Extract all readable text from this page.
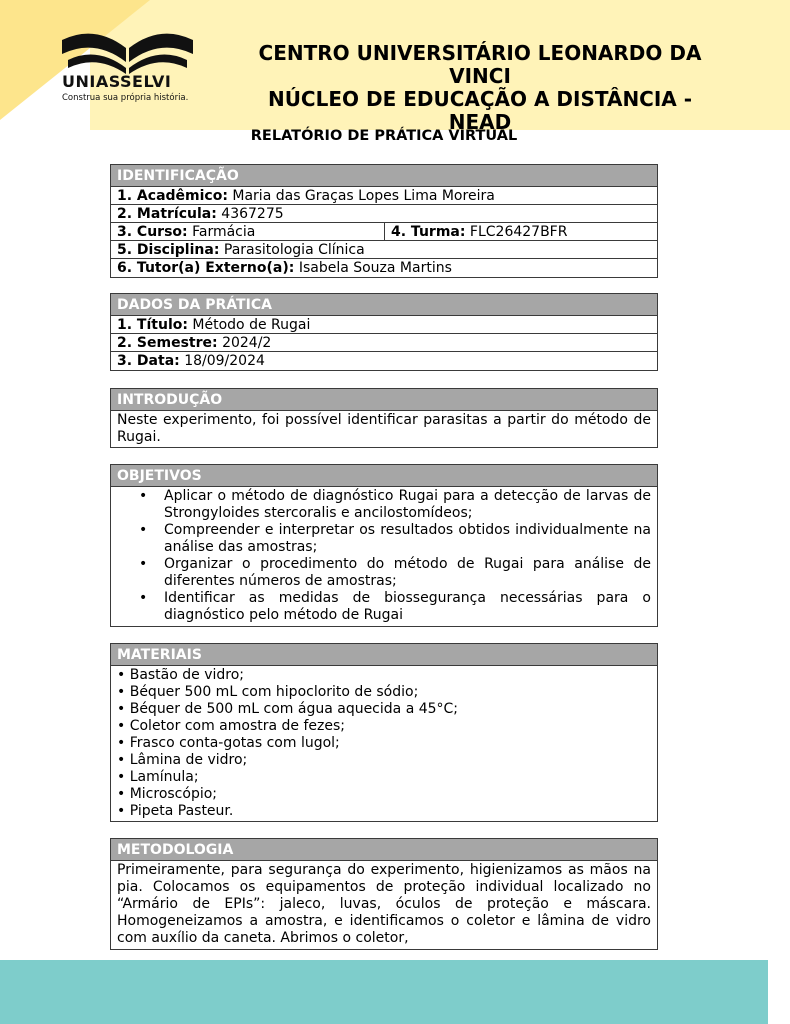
UNIASSELVI
Construa sua própria história.
CENTRO UNIVERSITÁRIO LEONARDO DA VINCI
NÚCLEO DE EDUCAÇÃO A DISTÂNCIA - NEAD
RELATÓRIO DE PRÁTICA VIRTUAL
IDENTIFICAÇÃO
1. Acadêmico: Maria das Graças Lopes Lima Moreira
2. Matrícula: 4367275
3. Curso: Farmácia	4. Turma: FLC26427BFR
5. Disciplina: Parasitologia Clínica
6. Tutor(a) Externo(a): Isabela Souza Martins
DADOS DA PRÁTICA
1. Título: Método de Rugai
2. Semestre: 2024/2
3. Data: 18/09/2024
INTRODUÇÃO
Neste experimento, foi possível identificar parasitas a partir do método de Rugai.
OBJETIVOS
• Aplicar o método de diagnóstico Rugai para a detecção de larvas de Strongyloides stercoralis e ancilostomídeos;
• Compreender e interpretar os resultados obtidos individualmente na análise das amostras;
• Organizar o procedimento do método de Rugai para análise de diferentes números de amostras;
• Identificar as medidas de biossegurança necessárias para o diagnóstico pelo método de Rugai
MATERIAIS
• Bastão de vidro;
• Béquer 500 mL com hipoclorito de sódio;
• Béquer de 500 mL com água aquecida a 45°C;
• Coletor com amostra de fezes;
• Frasco conta-gotas com lugol;
• Lâmina de vidro;
• Lamínula;
• Microscópio;
• Pipeta Pasteur.
METODOLOGIA
Primeiramente, para segurança do experimento, higienizamos as mãos na pia. Colocamos os equipamentos de proteção individual localizado no “Armário de EPIs”: jaleco, luvas, óculos de proteção e máscara. Homogeneizamos a amostra, e identificamos o coletor e lâmina de vidro com auxílio da caneta. Abrimos o coletor,
